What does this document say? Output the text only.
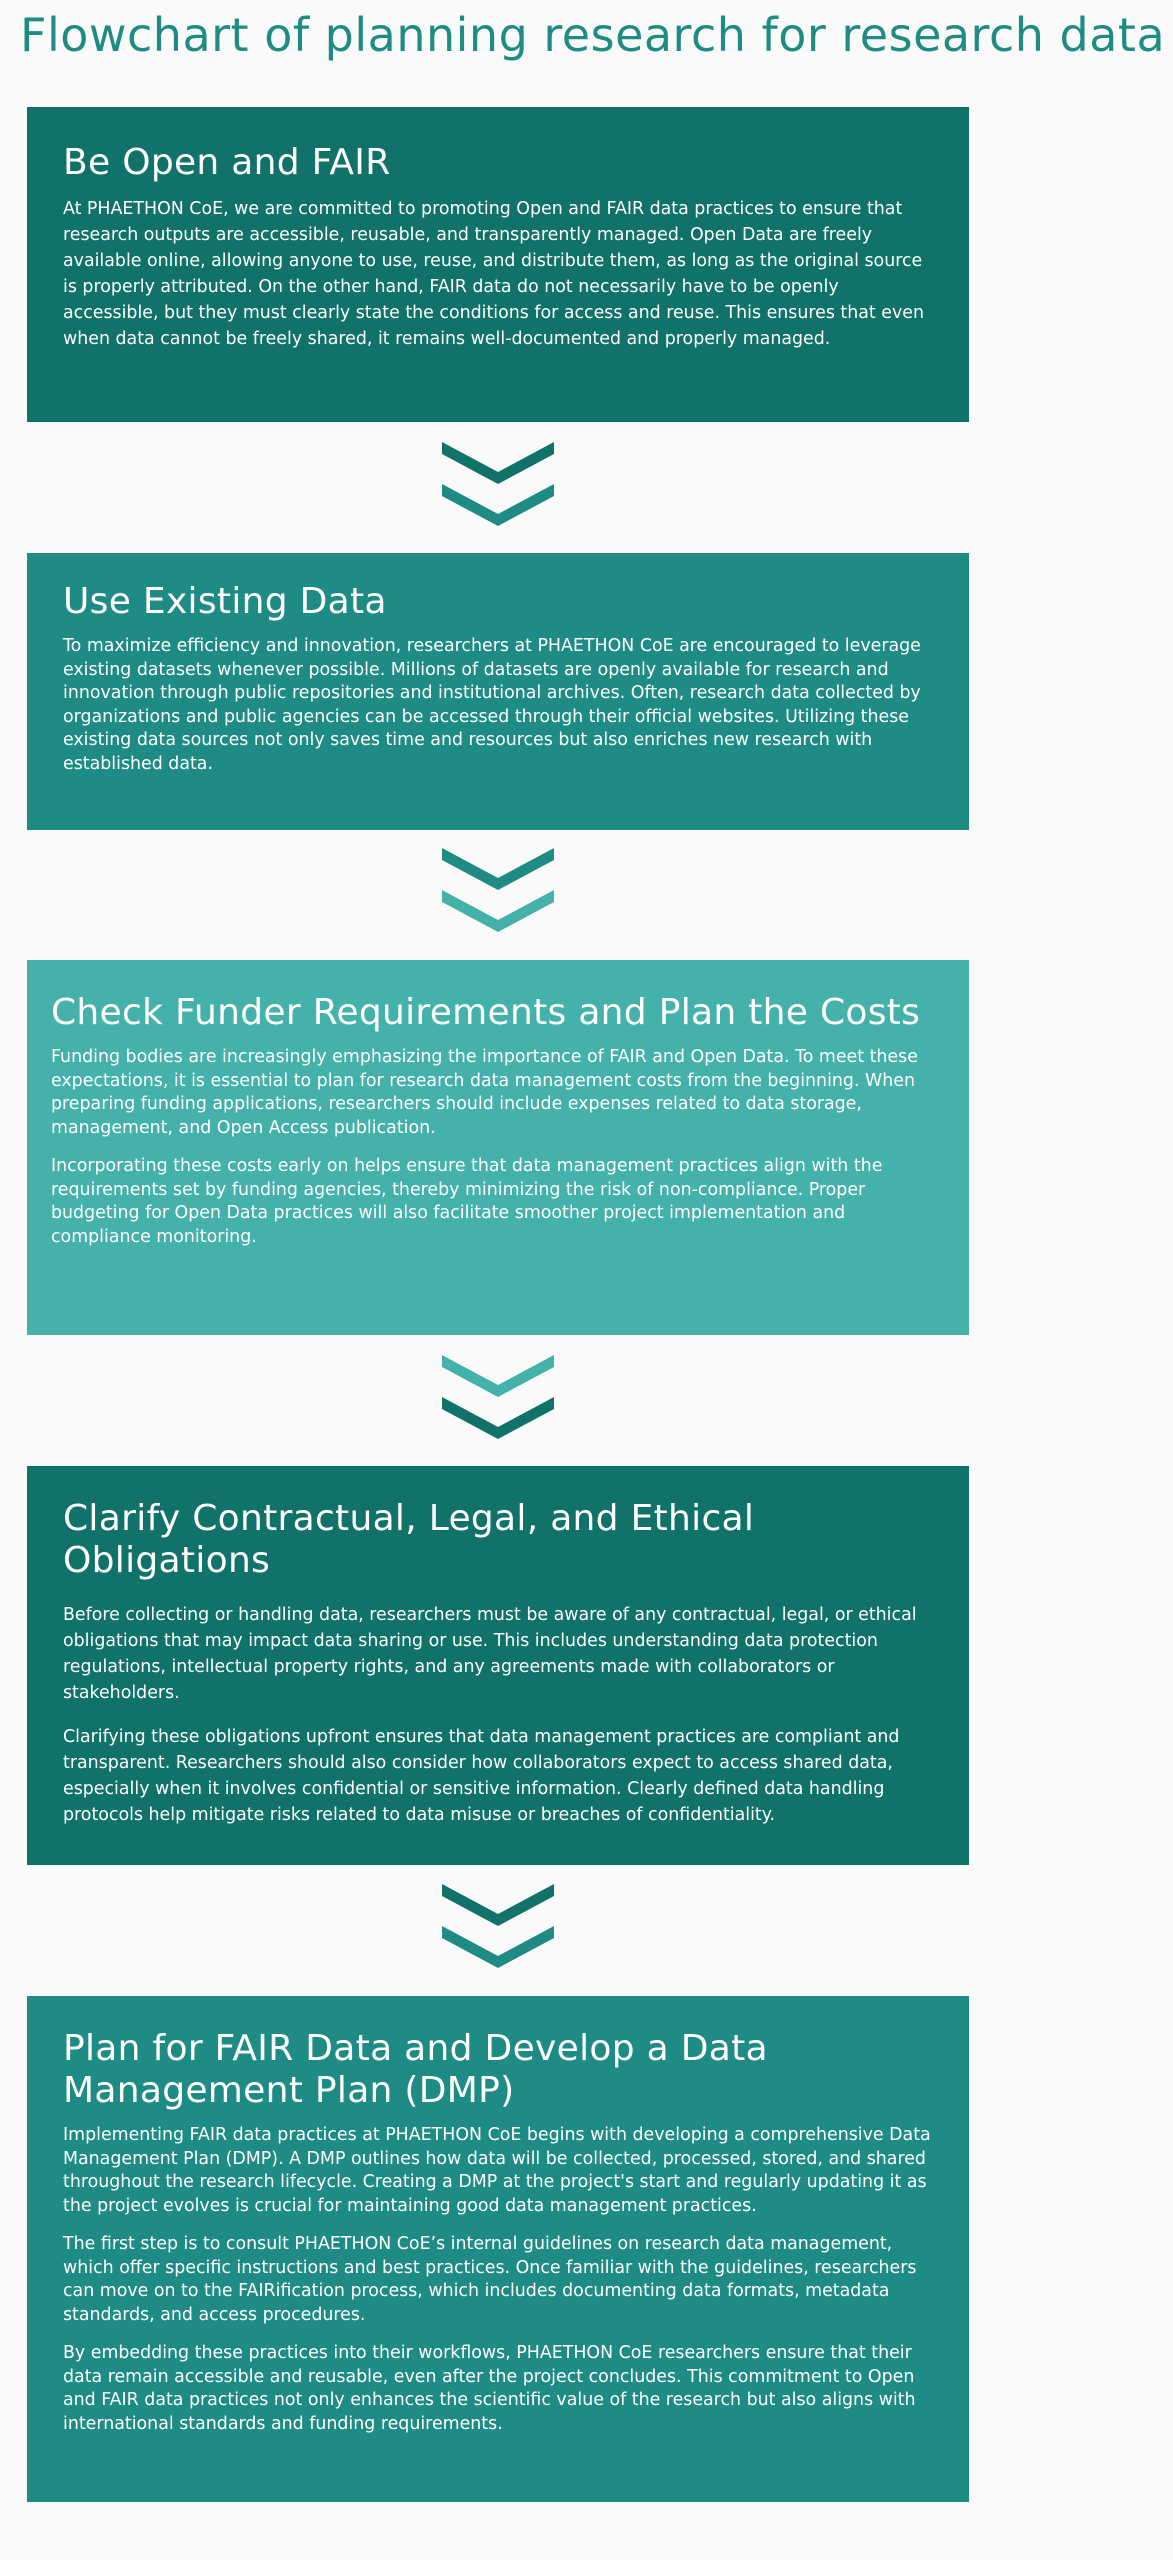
Flowchart of planning research for research data
Be Open and FAIR

At PHAETHON CoE, we are committed to promoting Open and FAIR data practices to ensure that research outputs are accessible, reusable, and transparently managed. Open Data are freely available online, allowing anyone to use, reuse, and distribute them, as long as the original source is properly attributed. On the other hand, FAIR data do not necessarily have to be openly accessible, but they must clearly state the conditions for access and reuse. This ensures that even when data cannot be freely shared, it remains well-documented and properly managed.

Use Existing Data

To maximize efficiency and innovation, researchers at PHAETHON CoE are encouraged to leverage existing datasets whenever possible. Millions of datasets are openly available for research and innovation through public repositories and institutional archives. Often, research data collected by organizations and public agencies can be accessed through their official websites. Utilizing these existing data sources not only saves time and resources but also enriches new research with established data.

Check Funder Requirements and Plan the Costs

Funding bodies are increasingly emphasizing the importance of FAIR and Open Data. To meet these expectations, it is essential to plan for research data management costs from the beginning. When preparing funding applications, researchers should include expenses related to data storage, management, and Open Access publication.

Incorporating these costs early on helps ensure that data management practices align with the requirements set by funding agencies, thereby minimizing the risk of non-compliance. Proper budgeting for Open Data practices will also facilitate smoother project implementation and compliance monitoring.

Clarify Contractual, Legal, and Ethical Obligations

Before collecting or handling data, researchers must be aware of any contractual, legal, or ethical obligations that may impact data sharing or use. This includes understanding data protection regulations, intellectual property rights, and any agreements made with collaborators or stakeholders.

Clarifying these obligations upfront ensures that data management practices are compliant and transparent. Researchers should also consider how collaborators expect to access shared data, especially when it involves confidential or sensitive information. Clearly defined data handling protocols help mitigate risks related to data misuse or breaches of confidentiality.

Plan for FAIR Data and Develop a Data Management Plan (DMP)

Implementing FAIR data practices at PHAETHON CoE begins with developing a comprehensive Data Management Plan (DMP). A DMP outlines how data will be collected, processed, stored, and shared throughout the research lifecycle. Creating a DMP at the project's start and regularly updating it as the project evolves is crucial for maintaining good data management practices.

The first step is to consult PHAETHON CoE’s internal guidelines on research data management, which offer specific instructions and best practices. Once familiar with the guidelines, researchers can move on to the FAIRification process, which includes documenting data formats, metadata standards, and access procedures.

By embedding these practices into their workflows, PHAETHON CoE researchers ensure that their data remain accessible and reusable, even after the project concludes. This commitment to Open and FAIR data practices not only enhances the scientific value of the research but also aligns with international standards and funding requirements.
